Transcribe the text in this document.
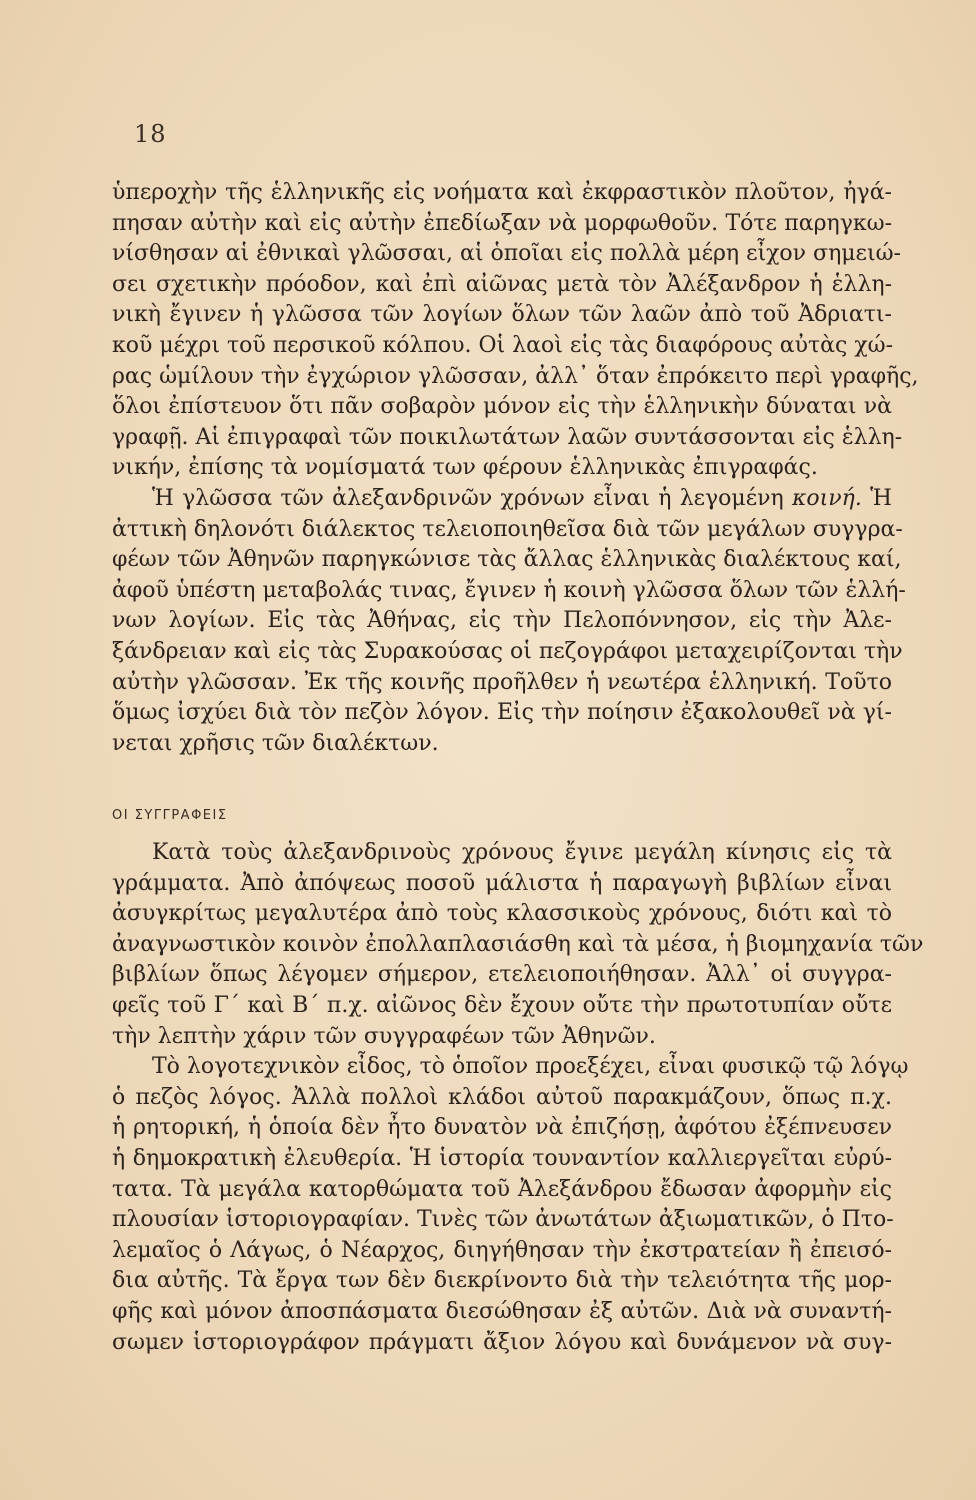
18

ὑπεροχὴν τῆς ἑλληνικῆς εἰς νοήματα καὶ ἐκφραστικὸν πλοῦτον, ἠγά-
πησαν αὐτὴν καὶ εἰς αὐτὴν ἐπεδίωξαν νὰ μορφωθοῦν. Τότε παρηγκω-
νίσθησαν αἱ ἐθνικαὶ γλῶσσαι, αἱ ὁποῖαι εἰς πολλὰ μέρη εἶχον σημειώ-
σει σχετικὴν πρόοδον, καὶ ἐπὶ αἰῶνας μετὰ τὸν Ἀλέξανδρον ἡ ἑλλη-
νικὴ ἔγινεν ἡ γλῶσσα τῶν λογίων ὅλων τῶν λαῶν ἀπὸ τοῦ Ἀδριατι-
κοῦ μέχρι τοῦ περσικοῦ κόλπου. Οἱ λαοὶ εἰς τὰς διαφόρους αὐτὰς χώ-
ρας ὡμίλουν τὴν ἐγχώριον γλῶσσαν, ἀλλ᾽ ὅταν ἐπρόκειτο περὶ γραφῆς,
ὅλοι ἐπίστευον ὅτι πᾶν σοβαρὸν μόνον εἰς τὴν ἑλληνικὴν δύναται νὰ
γραφῇ. Αἱ ἐπιγραφαὶ τῶν ποικιλωτάτων λαῶν συντάσσονται εἰς ἑλλη-
νικήν, ἐπίσης τὰ νομίσματά των φέρουν ἑλληνικὰς ἐπιγραφάς.

Ἡ γλῶσσα τῶν ἀλεξανδρινῶν χρόνων εἶναι ἡ λεγομένη κοινή. Ἡ
ἀττικὴ δηλονότι διάλεκτος τελειοποιηθεῖσα διὰ τῶν μεγάλων συγγρα-
φέων τῶν Ἀθηνῶν παρηγκώνισε τὰς ἄλλας ἑλληνικὰς διαλέκτους καί,
ἀφοῦ ὑπέστη μεταβολάς τινας, ἔγινεν ἡ κοινὴ γλῶσσα ὅλων τῶν ἑλλή-
νων λογίων. Εἰς τὰς Ἀθήνας, εἰς τὴν Πελοπόννησον, εἰς τὴν Ἀλε-
ξάνδρειαν καὶ εἰς τὰς Συρακούσας οἱ πεζογράφοι μεταχειρίζονται τὴν
αὐτὴν γλῶσσαν. Ἐκ τῆς κοινῆς προῆλθεν ἡ νεωτέρα ἑλληνική. Τοῦτο
ὅμως ἰσχύει διὰ τὸν πεζὸν λόγον. Εἰς τὴν ποίησιν ἐξακολουθεῖ νὰ γί-
νεται χρῆσις τῶν διαλέκτων.

ΟΙ ΣΥΓΓΡΑΦΕΙΣ

Κατὰ τοὺς ἀλεξανδρινοὺς χρόνους ἔγινε μεγάλη κίνησις εἰς τὰ
γράμματα. Ἀπὸ ἀπόψεως ποσοῦ μάλιστα ἡ παραγωγὴ βιβλίων εἶναι
ἀσυγκρίτως μεγαλυτέρα ἀπὸ τοὺς κλασσικοὺς χρόνους, διότι καὶ τὸ
ἀναγνωστικὸν κοινὸν ἐπολλαπλασιάσθη καὶ τὰ μέσα, ἡ βιομηχανία τῶν
βιβλίων ὅπως λέγομεν σήμερον, ετελειοποιήθησαν. Ἀλλ᾽ οἱ συγγρα-
φεῖς τοῦ Γ΄ καὶ Β΄ π.χ. αἰῶνος δὲν ἔχουν οὔτε τὴν πρωτοτυπίαν οὔτε
τὴν λεπτὴν χάριν τῶν συγγραφέων τῶν Ἀθηνῶν.

Τὸ λογοτεχνικὸν εἶδος, τὸ ὁποῖον προεξέχει, εἶναι φυσικῷ τῷ λόγῳ
ὁ πεζὸς λόγος. Ἀλλὰ πολλοὶ κλάδοι αὐτοῦ παρακμάζουν, ὅπως π.χ.
ἡ ρητορική, ἡ ὁποία δὲν ἦτο δυνατὸν νὰ ἐπιζήσῃ, ἀφότου ἐξέπνευσεν
ἡ δημοκρατικὴ ἐλευθερία. Ἡ ἱστορία τουναντίον καλλιεργεῖται εὐρύ-
τατα. Τὰ μεγάλα κατορθώματα τοῦ Ἀλεξάνδρου ἔδωσαν ἀφορμὴν εἰς
πλουσίαν ἱστοριογραφίαν. Τινὲς τῶν ἀνωτάτων ἀξιωματικῶν, ὁ Πτο-
λεμαῖος ὁ Λάγως, ὁ Νέαρχος, διηγήθησαν τὴν ἐκστρατείαν ἢ ἐπεισό-
δια αὐτῆς. Τὰ ἔργα των δὲν διεκρίνοντο διὰ τὴν τελειότητα τῆς μορ-
φῆς καὶ μόνον ἀποσπάσματα διεσώθησαν ἐξ αὐτῶν. Διὰ νὰ συναντή-
σωμεν ἱστοριογράφον πράγματι ἄξιον λόγου καὶ δυνάμενον νὰ συγ-
